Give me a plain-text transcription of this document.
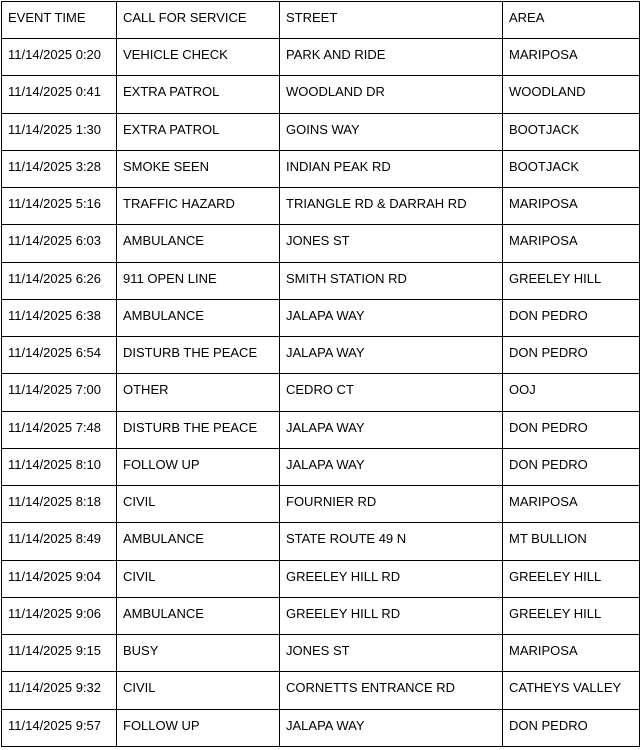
EVENT TIME	CALL FOR SERVICE	STREET	AREA
11/14/2025 0:20	VEHICLE CHECK	PARK AND RIDE	MARIPOSA
11/14/2025 0:41	EXTRA PATROL	WOODLAND DR	WOODLAND
11/14/2025 1:30	EXTRA PATROL	GOINS WAY	BOOTJACK
11/14/2025 3:28	SMOKE SEEN	INDIAN PEAK RD	BOOTJACK
11/14/2025 5:16	TRAFFIC HAZARD	TRIANGLE RD & DARRAH RD	MARIPOSA
11/14/2025 6:03	AMBULANCE	JONES ST	MARIPOSA
11/14/2025 6:26	911 OPEN LINE	SMITH STATION RD	GREELEY HILL
11/14/2025 6:38	AMBULANCE	JALAPA WAY	DON PEDRO
11/14/2025 6:54	DISTURB THE PEACE	JALAPA WAY	DON PEDRO
11/14/2025 7:00	OTHER	CEDRO CT	OOJ
11/14/2025 7:48	DISTURB THE PEACE	JALAPA WAY	DON PEDRO
11/14/2025 8:10	FOLLOW UP	JALAPA WAY	DON PEDRO
11/14/2025 8:18	CIVIL	FOURNIER RD	MARIPOSA
11/14/2025 8:49	AMBULANCE	STATE ROUTE 49 N	MT BULLION
11/14/2025 9:04	CIVIL	GREELEY HILL RD	GREELEY HILL
11/14/2025 9:06	AMBULANCE	GREELEY HILL RD	GREELEY HILL
11/14/2025 9:15	BUSY	JONES ST	MARIPOSA
11/14/2025 9:32	CIVIL	CORNETTS ENTRANCE RD	CATHEYS VALLEY
11/14/2025 9:57	FOLLOW UP	JALAPA WAY	DON PEDRO
